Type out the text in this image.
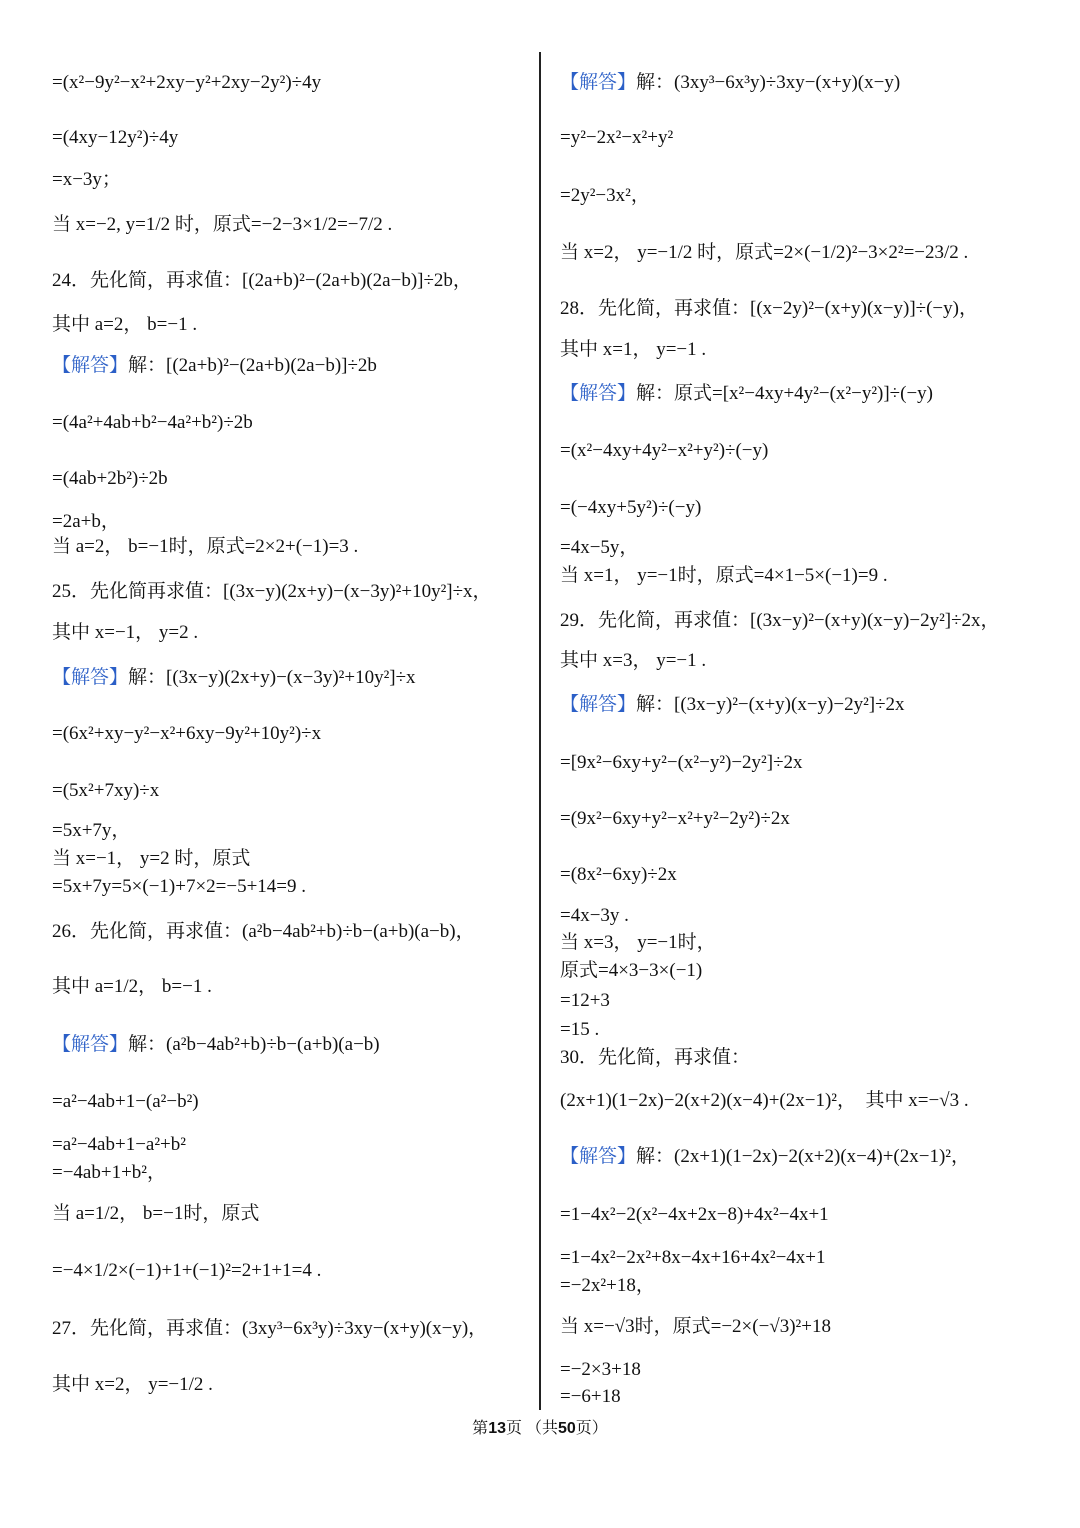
=(x²−9y²−x²+2xy−y²+2xy−2y²)÷4y
=(4xy−12y²)÷4y
=x−3y；
当 x=−2, y=1/2 时，原式=−2−3×1/2=−7/2 .
24．先化简，再求值：[(2a+b)²−(2a+b)(2a−b)]÷2b，
其中 a=2， b=−1 .
【解答】解：[(2a+b)²−(2a+b)(2a−b)]÷2b
=(4a²+4ab+b²−4a²+b²)÷2b
=(4ab+2b²)÷2b
=2a+b，
当 a=2， b=−1时，原式=2×2+(−1)=3 .
25．先化简再求值：[(3x−y)(2x+y)−(x−3y)²+10y²]÷x，
其中 x=−1， y=2 .
【解答】解：[(3x−y)(2x+y)−(x−3y)²+10y²]÷x
=(6x²+xy−y²−x²+6xy−9y²+10y²)÷x
=(5x²+7xy)÷x
=5x+7y，
当 x=−1， y=2 时，原式
=5x+7y=5×(−1)+7×2=−5+14=9 .
26．先化简，再求值：(a²b−4ab²+b)÷b−(a+b)(a−b)，
其中 a=1/2， b=−1 .
【解答】解：(a²b−4ab²+b)÷b−(a+b)(a−b)
=a²−4ab+1−(a²−b²)
=a²−4ab+1−a²+b²
=−4ab+1+b²，
当 a=1/2， b=−1时，原式
=−4×1/2×(−1)+1+(−1)²=2+1+1=4 .
27．先化简，再求值：(3xy³−6x³y)÷3xy−(x+y)(x−y)，
其中 x=2， y=−1/2 .
【解答】解：(3xy³−6x³y)÷3xy−(x+y)(x−y)
=y²−2x²−x²+y²
=2y²−3x²，
当 x=2， y=−1/2 时，原式=2×(−1/2)²−3×2²=−23/2 .
28．先化简，再求值：[(x−2y)²−(x+y)(x−y)]÷(−y)，
其中 x=1， y=−1 .
【解答】解：原式=[x²−4xy+4y²−(x²−y²)]÷(−y)
=(x²−4xy+4y²−x²+y²)÷(−y)
=(−4xy+5y²)÷(−y)
=4x−5y，
当 x=1， y=−1时，原式=4×1−5×(−1)=9 .
29．先化简，再求值：[(3x−y)²−(x+y)(x−y)−2y²]÷2x，
其中 x=3， y=−1 .
【解答】解：[(3x−y)²−(x+y)(x−y)−2y²]÷2x
=[9x²−6xy+y²−(x²−y²)−2y²]÷2x
=(9x²−6xy+y²−x²+y²−2y²)÷2x
=(8x²−6xy)÷2x
=4x−3y .
当 x=3， y=−1时，
原式=4×3−3×(−1)
=12+3
=15 .
30．先化简，再求值：
(2x+1)(1−2x)−2(x+2)(x−4)+(2x−1)²，  其中 x=−√3 .
【解答】解：(2x+1)(1−2x)−2(x+2)(x−4)+(2x−1)²，
=1−4x²−2(x²−4x+2x−8)+4x²−4x+1
=1−4x²−2x²+8x−4x+16+4x²−4x+1
=−2x²+18，
当 x=−√3时，原式=−2×(−√3)²+18
=−2×3+18
=−6+18
第13页 （共50页）
